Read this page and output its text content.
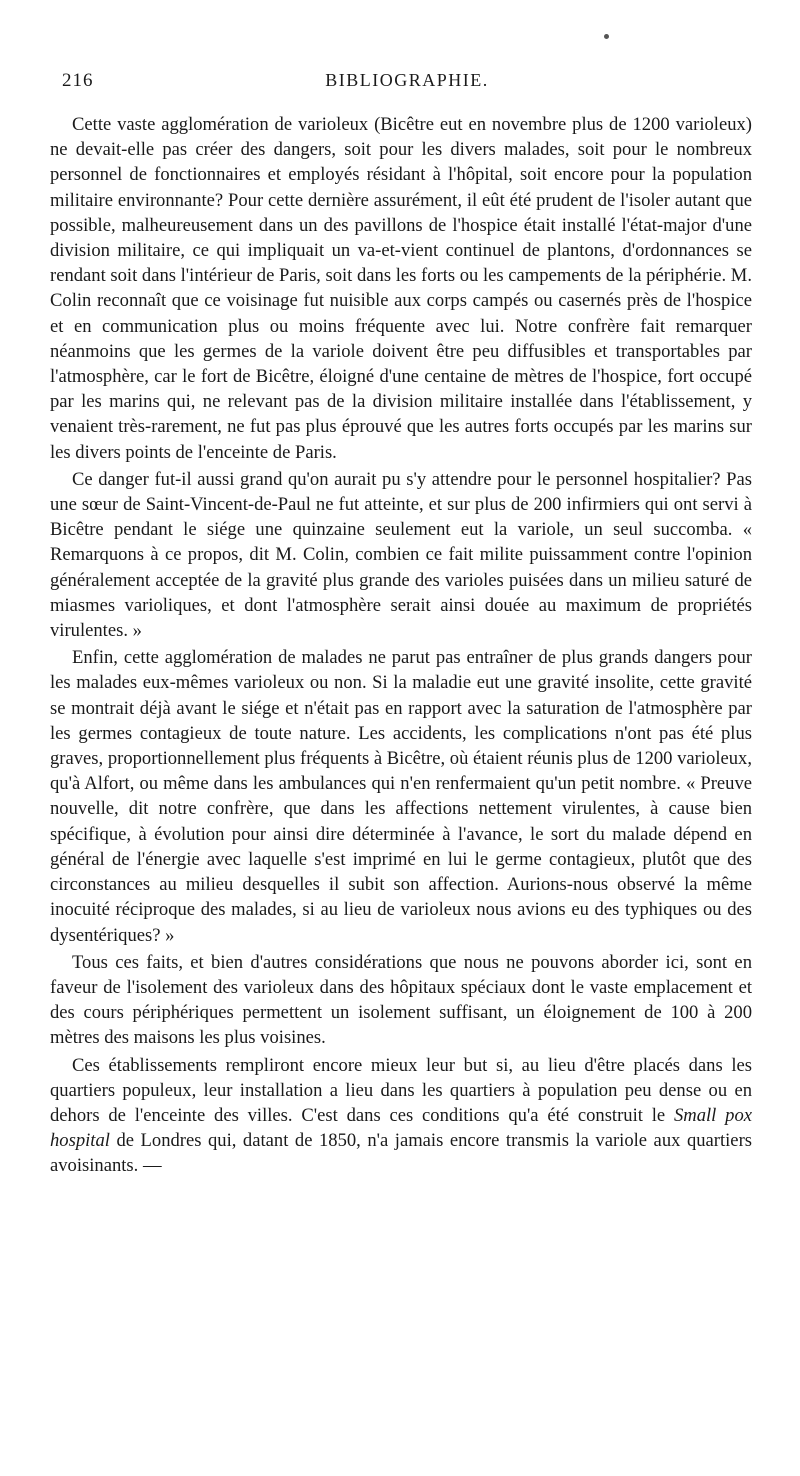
216	BIBLIOGRAPHIE.

Cette vaste agglomération de varioleux (Bicêtre eut en novembre plus de 1200 varioleux) ne devait-elle pas créer des dangers, soit pour les divers malades, soit pour le nombreux personnel de fonctionnaires et employés résidant à l'hôpital, soit encore pour la population militaire environnante? Pour cette dernière assurément, il eût été prudent de l'isoler autant que possible, malheureusement dans un des pavillons de l'hospice était installé l'état-major d'une division militaire, ce qui impliquait un va-et-vient continuel de plantons, d'ordonnances se rendant soit dans l'intérieur de Paris, soit dans les forts ou les campements de la périphérie. M. Colin reconnaît que ce voisinage fut nuisible aux corps campés ou casernés près de l'hospice et en communication plus ou moins fréquente avec lui. Notre confrère fait remarquer néanmoins que les germes de la variole doivent être peu diffusibles et transportables par l'atmosphère, car le fort de Bicêtre, éloigné d'une centaine de mètres de l'hospice, fort occupé par les marins qui, ne relevant pas de la division militaire installée dans l'établissement, y venaient très-rarement, ne fut pas plus éprouvé que les autres forts occupés par les marins sur les divers points de l'enceinte de Paris.

Ce danger fut-il aussi grand qu'on aurait pu s'y attendre pour le personnel hospitalier? Pas une sœur de Saint-Vincent-de-Paul ne fut atteinte, et sur plus de 200 infirmiers qui ont servi à Bicêtre pendant le siége une quinzaine seulement eut la variole, un seul succomba. « Remarquons à ce propos, dit M. Colin, combien ce fait milite puissamment contre l'opinion généralement acceptée de la gravité plus grande des varioles puisées dans un milieu saturé de miasmes varioliques, et dont l'atmosphère serait ainsi douée au maximum de propriétés virulentes. »

Enfin, cette agglomération de malades ne parut pas entraîner de plus grands dangers pour les malades eux-mêmes varioleux ou non. Si la maladie eut une gravité insolite, cette gravité se montrait déjà avant le siége et n'était pas en rapport avec la saturation de l'atmosphère par les germes contagieux de toute nature. Les accidents, les complications n'ont pas été plus graves, proportionnellement plus fréquents à Bicêtre, où étaient réunis plus de 1200 varioleux, qu'à Alfort, ou même dans les ambulances qui n'en renfermaient qu'un petit nombre. « Preuve nouvelle, dit notre confrère, que dans les affections nettement virulentes, à cause bien spécifique, à évolution pour ainsi dire déterminée à l'avance, le sort du malade dépend en général de l'énergie avec laquelle s'est imprimé en lui le germe contagieux, plutôt que des circonstances au milieu desquelles il subit son affection. Aurions-nous observé la même inocuité réciproque des malades, si au lieu de varioleux nous avions eu des typhiques ou des dysentériques? »

Tous ces faits, et bien d'autres considérations que nous ne pouvons aborder ici, sont en faveur de l'isolement des varioleux dans des hôpitaux spéciaux dont le vaste emplacement et des cours périphériques permettent un isolement suffisant, un éloignement de 100 à 200 mètres des maisons les plus voisines.

Ces établissements rempliront encore mieux leur but si, au lieu d'être placés dans les quartiers populeux, leur installation a lieu dans les quartiers à population peu dense ou en dehors de l'enceinte des villes. C'est dans ces conditions qu'a été construit le Small pox hospital de Londres qui, datant de 1850, n'a jamais encore transmis la variole aux quartiers avoisinants. —
